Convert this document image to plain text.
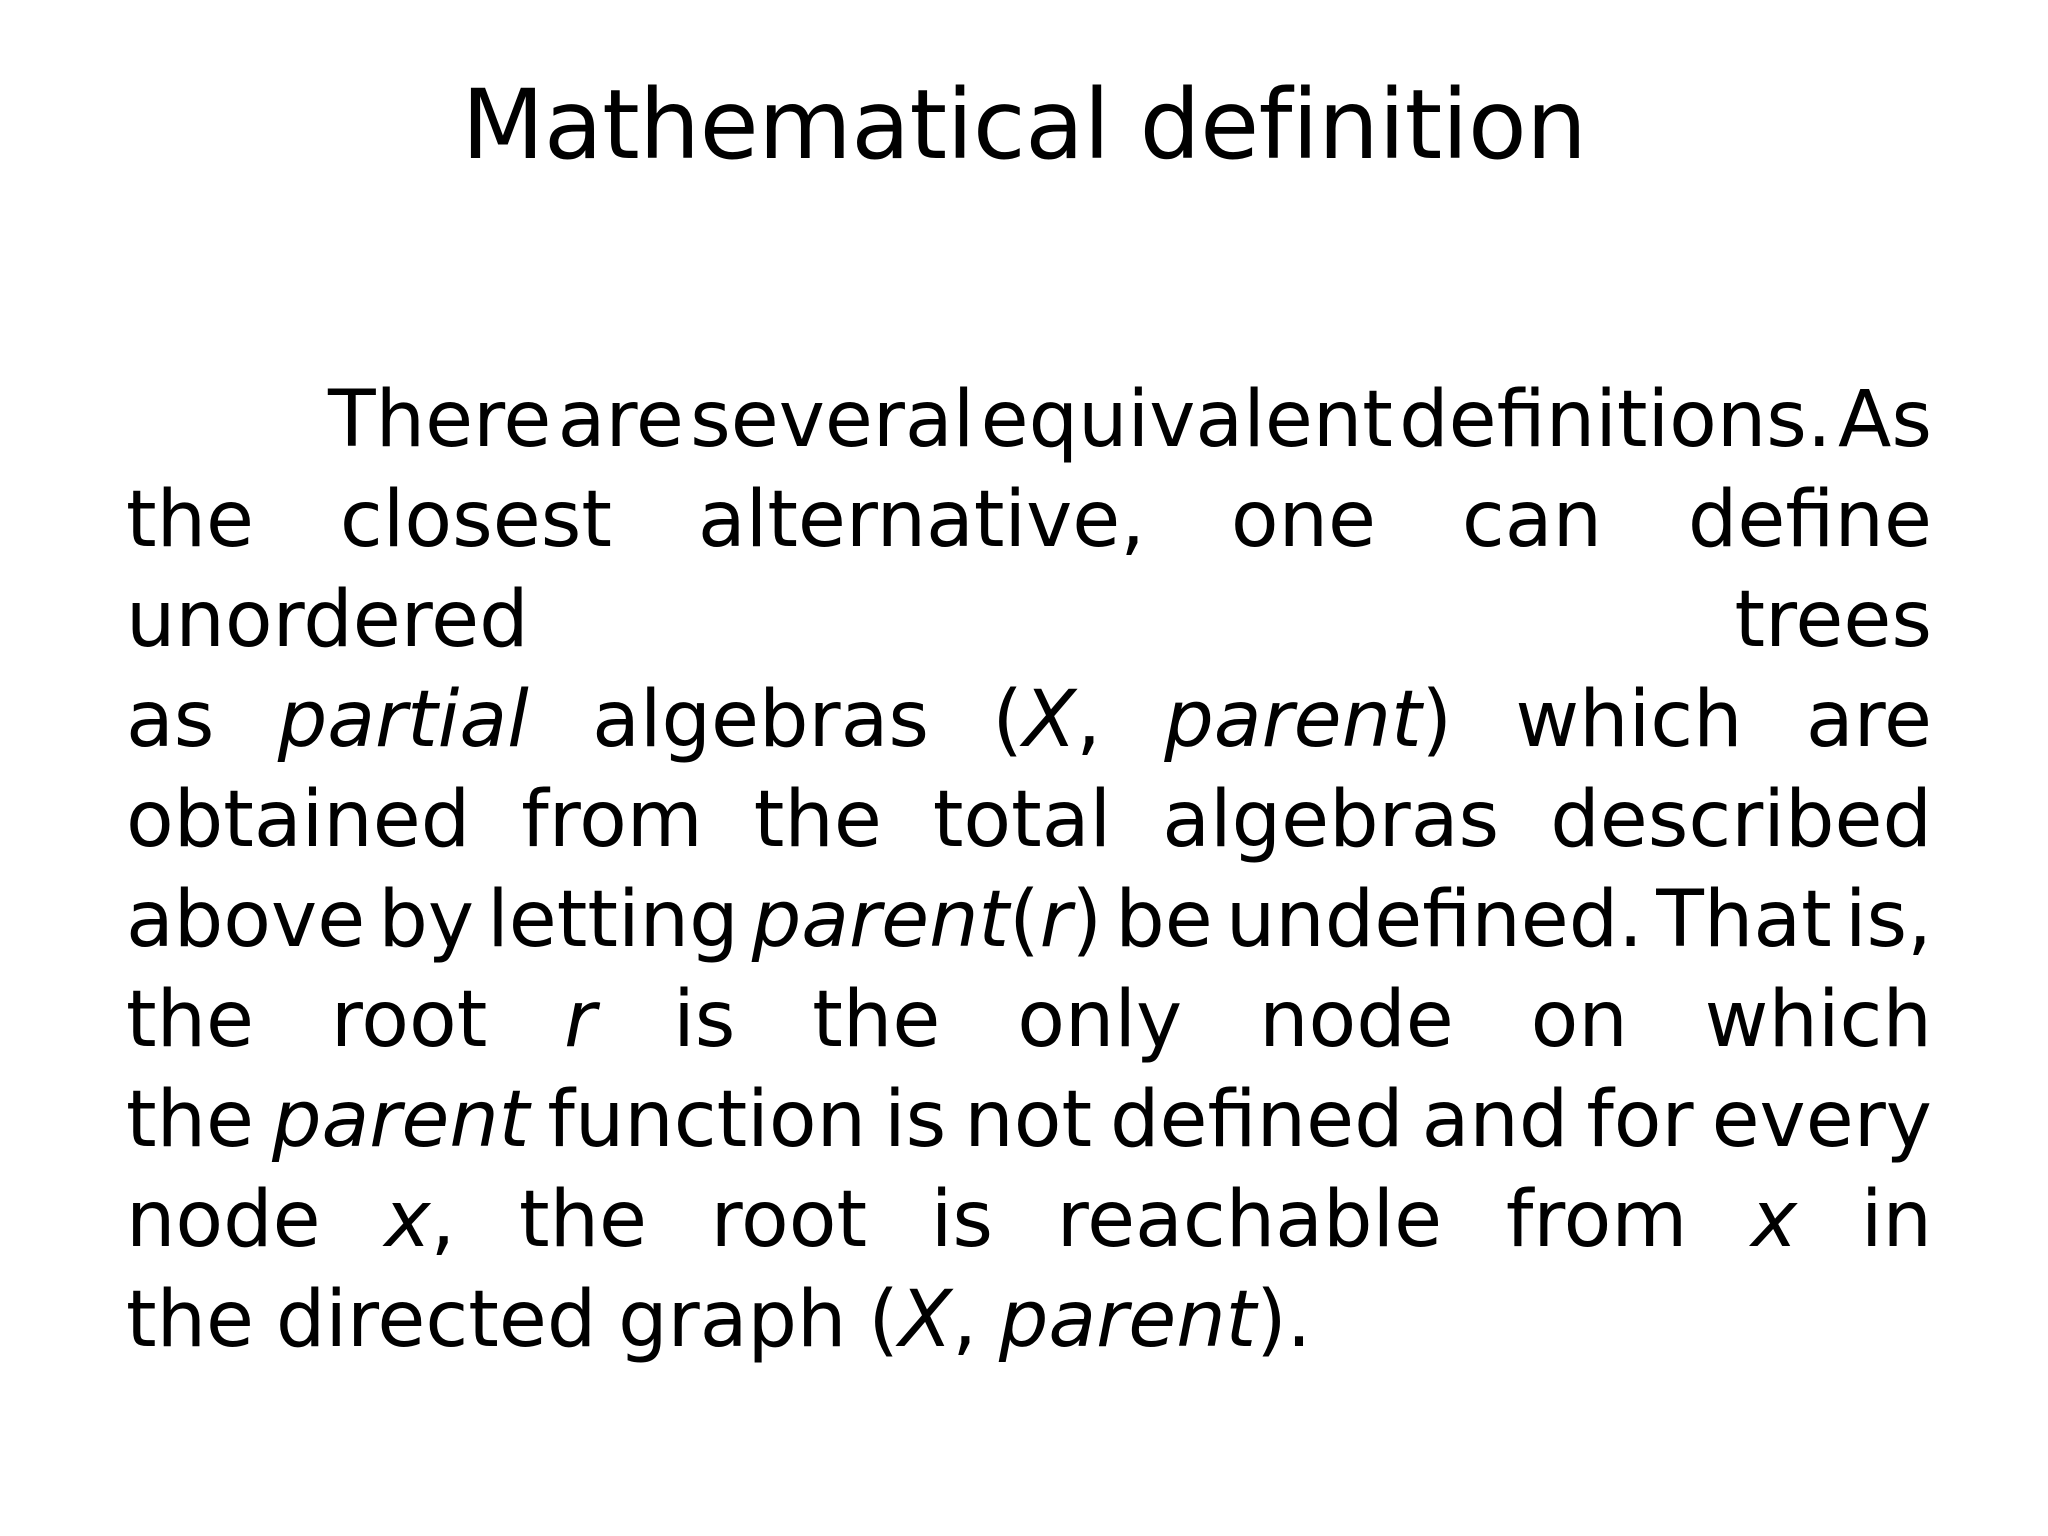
Mathematical definition
There are several equivalent definitions. As
the closest alternative, one can define
unordered	trees
as partial algebras (X, parent) which are
obtained from the total algebras described
above by letting parent(r) be undefined. That is,
the root r is the only node on which
the parent function is not defined and for every
node x, the root is reachable from x in
the directed graph (X, parent).
